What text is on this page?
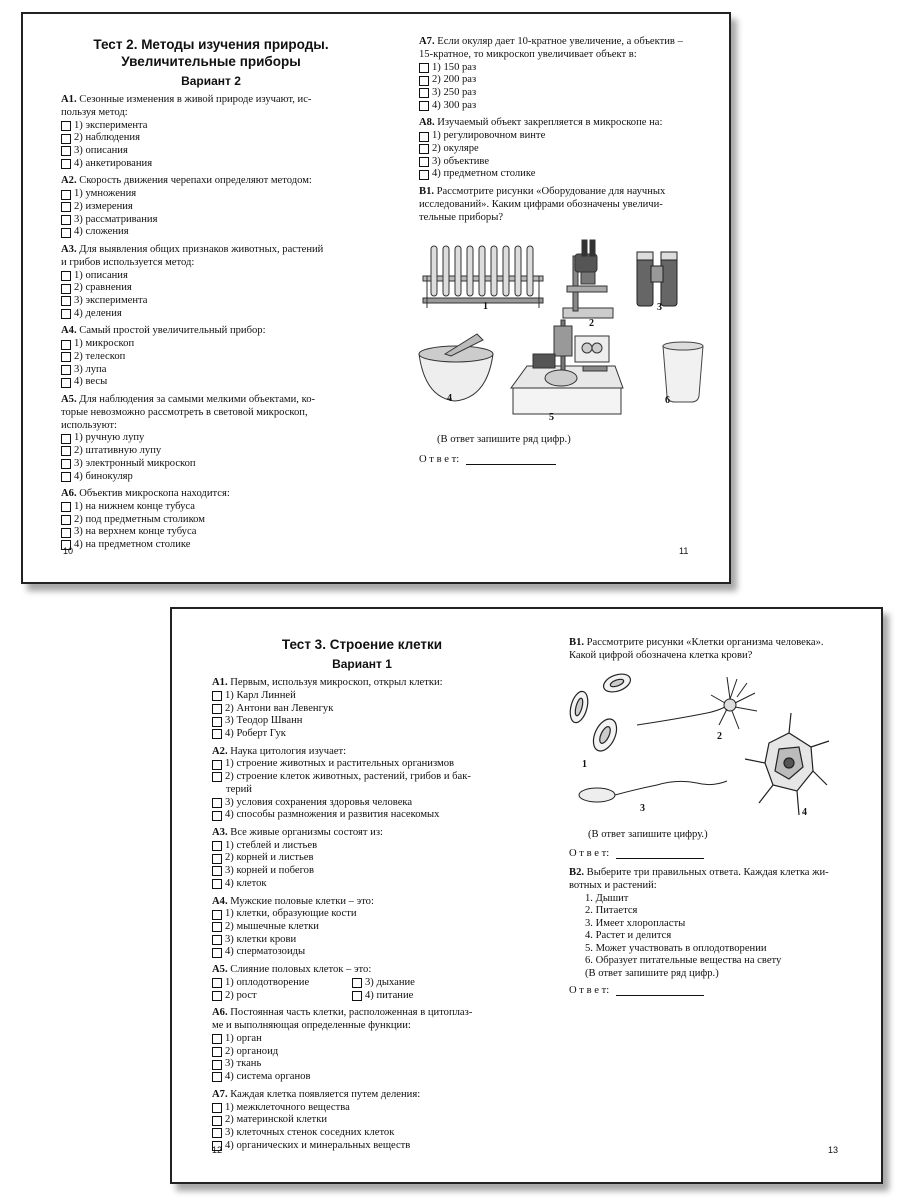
Тест 2. Методы изучения природы.
Увеличительные приборы
Вариант 2
А1. Сезонные изменения в живой природе изучают, ис-
пользуя метод:
1) эксперимента
2) наблюдения
3) описания
4) анкетирования
А2. Скорость движения черепахи определяют методом:
1) умножения
2) измерения
3) рассматривания
4) сложения
А3. Для выявления общих признаков животных, растений
и грибов используется метод:
1) описания
2) сравнения
3) эксперимента
4) деления
А4. Самый простой увеличительный прибор:
1) микроскоп
2) телескоп
3) лупа
4) весы
А5. Для наблюдения за самыми мелкими объектами, ко-
торые невозможно рассмотреть в световой микроскоп,
используют:
1) ручную лупу
2) штативную лупу
3) электронный микроскоп
4) бинокуляр
А6. Объектив микроскопа находится:
1) на нижнем конце тубуса
2) под предметным столиком
3) на верхнем конце тубуса
4) на предметном столике
10
А7. Если окуляр дает 10-кратное увеличение, а объектив –
15-кратное, то микроскоп увеличивает объект в:
1) 150 раз
2) 200 раз
3) 250 раз
4) 300 раз
А8. Изучаемый объект закрепляется в микроскопе на:
1) регулировочном винте
2) окуляре
3) объективе
4) предметном столике
В1. Рассмотрите рисунки «Оборудование для научных
исследований». Каким цифрами обозначены увеличи-
тельные приборы?
1
2
3
4
5
6
(В ответ запишите ряд цифр.)
О т в е т:
11
Тест 3. Строение клетки
Вариант 1
А1. Первым, используя микроскоп, открыл клетки:
1) Карл Линней
2) Антони ван Левенгук
3) Теодор Шванн
4) Роберт Гук
А2. Наука цитология изучает:
1) строение животных и растительных организмов
2) строение клеток животных, растений, грибов и бак-
терий
3) условия сохранения здоровья человека
4) способы размножения и развития насекомых
А3. Все живые организмы состоят из:
1) стеблей и листьев
2) корней и листьев
3) корней и побегов
4) клеток
А4. Мужские половые клетки – это:
1) клетки, образующие кости
2) мышечные клетки
3) клетки крови
4) сперматозоиды
А5. Слияние половых клеток – это:
1) оплодотворение
2) рост
3) дыхание
4) питание
А6. Постоянная часть клетки, расположенная в цитоплаз-
ме и выполняющая определенные функции:
1) орган
2) органоид
3) ткань
4) система органов
А7. Каждая клетка появляется путем деления:
1) межклеточного вещества
2) материнской клетки
3) клеточных стенок соседних клеток
4) органических и минеральных веществ
12
В1. Рассмотрите рисунки «Клетки организма человека».
Какой цифрой обозначена клетка крови?
1
2
3	4
(В ответ запишите цифру.)
О т в е т:
В2. Выберите три правильных ответа. Каждая клетка жи-
вотных и растений:
1. Дышит
2. Питается
3. Имеет хлоропласты
4. Растет и делится
5. Может участвовать в оплодотворении
6. Образует питательные вещества на свету
(В ответ запишите ряд цифр.)
О т в е т:
13
